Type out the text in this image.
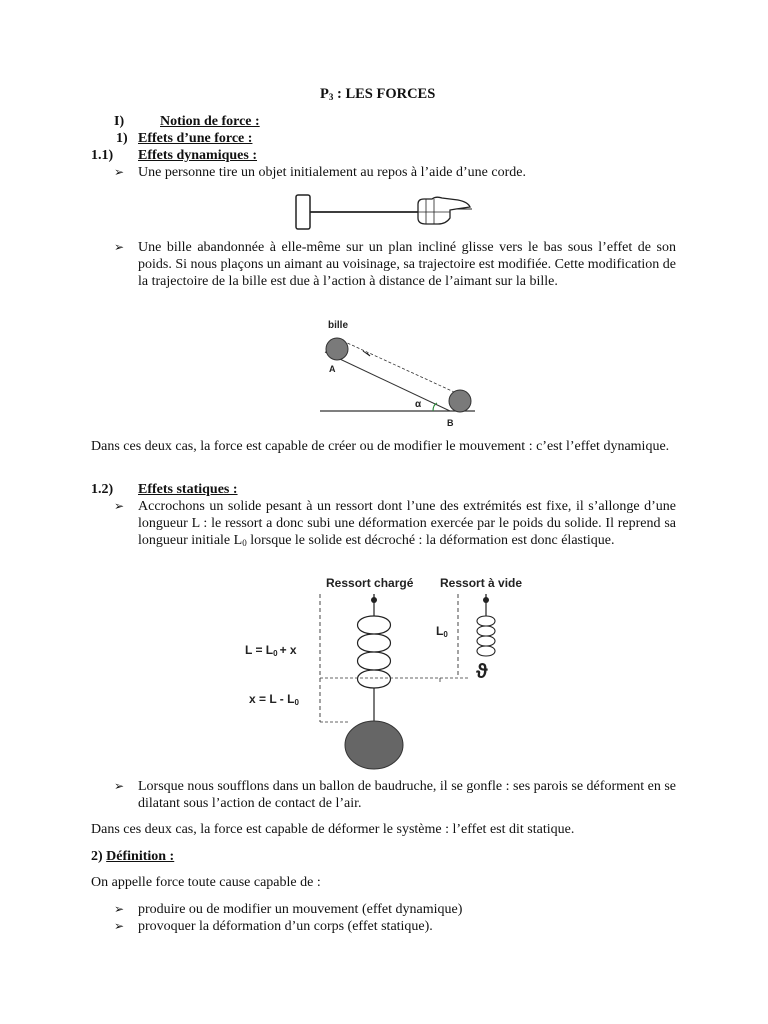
$P_3$ : LES FORCES
I)	Notion de force :
1) Effets d’une force :
1.1) Effets dynamiques :
➢ Une personne tire un objet initialement au repos à l’aide d’une corde.
➢ Une bille abandonnée à elle-même sur un plan incliné glisse vers le bas sous l’effet de son poids. Si nous plaçons un aimant au voisinage, sa trajectoire est modifiée. Cette modification de la trajectoire de la bille est due à l’action à distance de l’aimant sur la bille.
bille
A
α
B
Dans ces deux cas, la force est capable de créer ou de modifier le mouvement : c’est l’effet dynamique.
1.2) Effets statiques :
➢ Accrochons un solide pesant à un ressort dont l’une des extrémités est fixe, il s’allonge d’une longueur L : le ressort a donc subi une déformation exercée par le poids du solide. Il reprend sa longueur initiale $L_0$ lorsque le solide est décroché : la déformation est donc élastique.
Ressort chargé Ressort à vide
ϑ
L0
L = L0 + x
x = L - L0
➢ Lorsque nous soufflons dans un ballon de baudruche, il se gonfle : ses parois se déforment en se dilatant sous l’action de contact de l’air.
Dans ces deux cas, la force est capable de déformer le système : l’effet est dit statique.
2) Définition :
On appelle force toute cause capable de :
➢ produire ou de modifier un mouvement (effet dynamique)
➢ provoquer la déformation d’un corps (effet statique).
